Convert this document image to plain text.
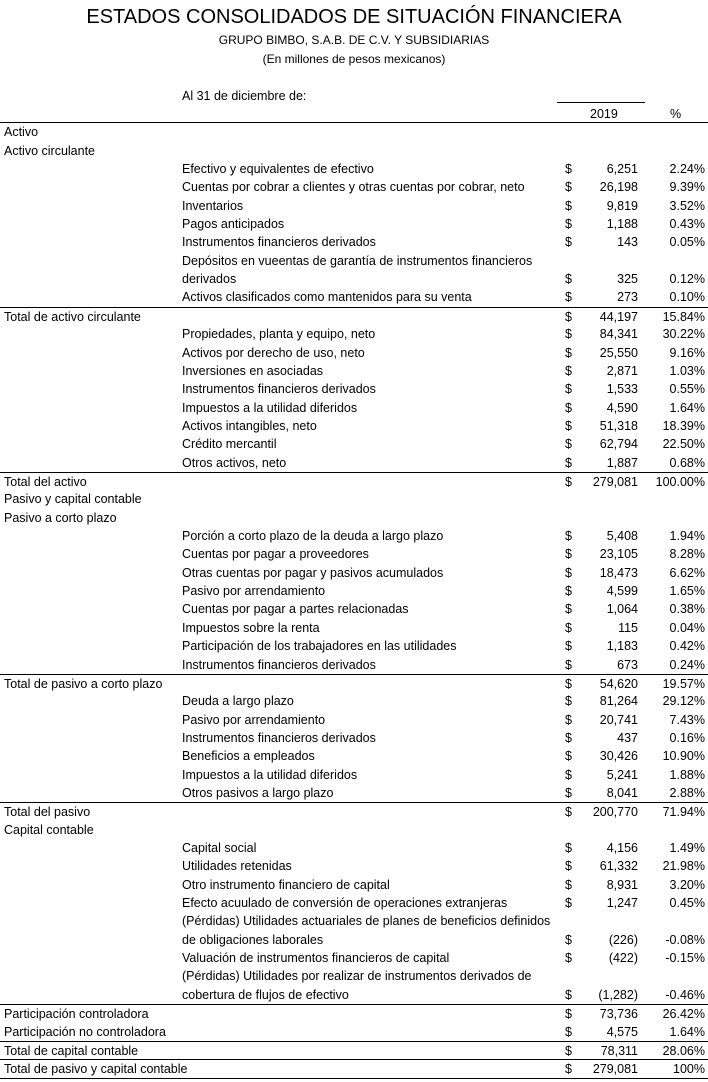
ESTADOS CONSOLIDADOS DE SITUACIÓN FINANCIERA
GRUPO BIMBO, S.A.B. DE C.V. Y SUBSIDIARIAS
(En millones de pesos mexicanos)
Al 31 de diciembre de:
2019	%
Activo
Activo circulante
Efectivo y equivalentes de efectivo	$	6,251	2.24%
Cuentas por cobrar a clientes y otras cuentas por cobrar, neto	$ 26,198	9.39%
Inventarios	$	9,819	3.52%
Pagos anticipados	$	1,188	0.43%
Instrumentos financieros derivados	$	143	0.05%
Depósitos en vueentas de garantía de instrumentos financieros
derivados	$	325	0.12%
Activos clasificados como mantenidos para su venta	$	273	0.10%
Total de activo circulante	$ 44,197 15.84%
Propiedades, planta y equipo, neto	$ 84,341 30.22%
Activos por derecho de uso, neto	$ 25,550	9.16%
Inversiones en asociadas	$	2,871	1.03%
Instrumentos financieros derivados	$	1,533	0.55%
Impuestos a la utilidad diferidos	$	4,590	1.64%
Activos intangibles, neto	$ 51,318 18.39%
Crédito mercantil	$ 62,794 22.50%
Otros activos, neto	$	1,887	0.68%
Total del activo	$ 279,081 100.00%
Pasivo y capital contable
Pasivo a corto plazo
Porción a corto plazo de la deuda a largo plazo	$	5,408	1.94%
Cuentas por pagar a proveedores	$ 23,105	8.28%
Otras cuentas por pagar y pasivos acumulados	$ 18,473	6.62%
Pasivo por arrendamiento	$	4,599	1.65%
Cuentas por pagar a partes relacionadas	$	1,064	0.38%
Impuestos sobre la renta	$	115	0.04%
Participación de los trabajadores en las utilidades	$	1,183	0.42%
Instrumentos financieros derivados	$	673	0.24%
Total de pasivo a corto plazo	$ 54,620 19.57%
Deuda a largo plazo	$ 81,264 29.12%
Pasivo por arrendamiento	$ 20,741	7.43%
Instrumentos financieros derivados	$	437	0.16%
Beneficios a empleados	$ 30,426 10.90%
Impuestos a la utilidad diferidos	$	5,241	1.88%
Otros pasivos a largo plazo	$	8,041	2.88%
Total del pasivo	$ 200,770 71.94%
Capital contable
Capital social	$	4,156	1.49%
Utilidades retenidas	$ 61,332 21.98%
Otro instrumento financiero de capital	$	8,931	3.20%
Efecto acuulado de conversión de operaciones extranjeras	$	1,247	0.45%
(Pérdidas) Utilidades actuariales de planes de beneficios definidos
de obligaciones laborales	$	(226) -0.08%
Valuación de instrumentos financieros de capital	$	(422) -0.15%
(Pérdidas) Utilidades por realizar de instrumentos derivados de
cobertura de flujos de efectivo	$ (1,282) -0.46%
Participación controladora	$ 73,736 26.42%
Participación no controladora	$	4,575	1.64%
Total de capital contable	$ 78,311 28.06%
Total de pasivo y capital contable	$ 279,081	100%
